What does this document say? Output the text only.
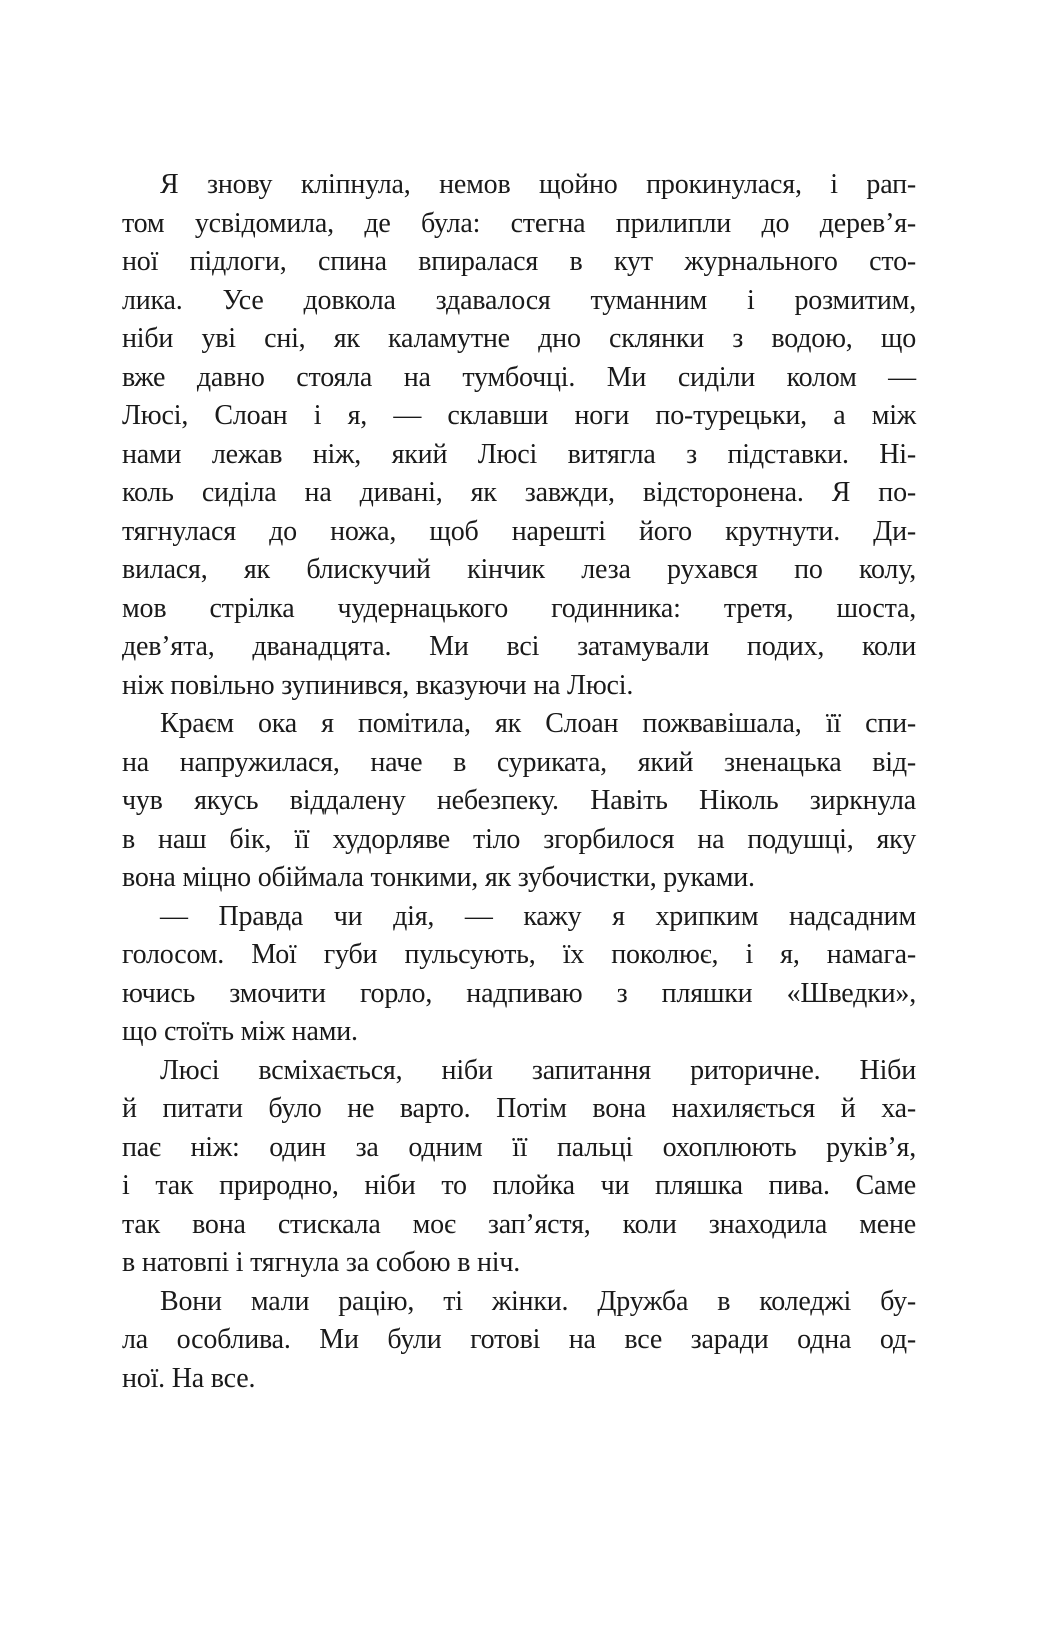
Я знову кліпнула, немов щойно прокинулася, і рап-
том усвідомила, де була: стегна прилипли до дерев’я-
ної підлоги, спина впиралася в кут журнального сто-
лика. Усе довкола здавалося туманним і розмитим,
ніби уві сні, як каламутне дно склянки з водою, що
вже давно стояла на тумбочці. Ми сиділи колом —
Люсі, Слоан і я, — склавши ноги по-турецьки, а між
нами лежав ніж, який Люсі витягла з підставки. Ні-
коль сиділа на дивані, як завжди, відсторонена. Я по-
тягнулася до ножа, щоб нарешті його крутнути. Ди-
вилася, як блискучий кінчик леза рухався по колу,
мов стрілка чудернацького годинника: третя, шоста,
дев’ята, дванадцята. Ми всі затамували подих, коли
ніж повільно зупинився, вказуючи на Люсі.

Краєм ока я помітила, як Слоан пожвавішала, її спи-
на напружилася, наче в суриката, який зненацька від-
чув якусь віддалену небезпеку. Навіть Ніколь зиркнула
в наш бік, її худорляве тіло згорбилося на подушці, яку
вона міцно обіймала тонкими, як зубочистки, руками.

— Правда чи дія, — кажу я хрипким надсадним
голосом. Мої губи пульсують, їх поколює, і я, намага-
ючись змочити горло, надпиваю з пляшки «Шведки»,
що стоїть між нами.

Люсі всміхається, ніби запитання риторичне. Ніби
й питати було не варто. Потім вона нахиляється й ха-
пає ніж: один за одним її пальці охоплюють руків’я,
і так природно, ніби то плойка чи пляшка пива. Саме
так вона стискала моє зап’ястя, коли знаходила мене
в натовпі і тягнула за собою в ніч.

Вони мали рацію, ті жінки. Дружба в коледжі бу-
ла особлива. Ми були готові на все заради одна од-
ної. На все.
